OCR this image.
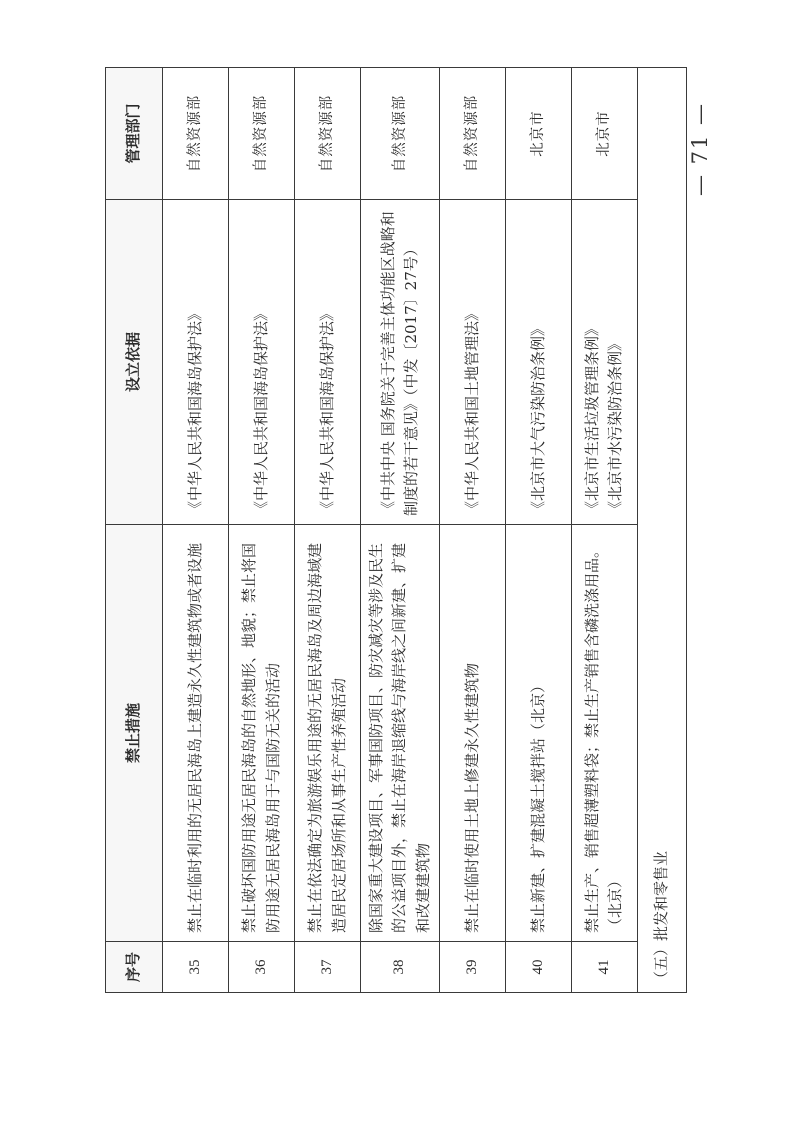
— 71 —
序号	禁止措施	设立依据	管理部门
35	禁止在临时利用的无居民海岛上建造永久性建筑物或者设施	《中华人民共和国海岛保护法》	自然资源部
36	禁止破坏国防用途无居民海岛的自然地形、地貌；禁止将国防用途无居民海岛用于与国防无关的活动	《中华人民共和国海岛保护法》	自然资源部
37	禁止在依法确定为旅游娱乐用途的无居民海岛及周边海域建造居民定居场所和从事生产性养殖活动	《中华人民共和国海岛保护法》	自然资源部
38	除国家重大建设项目、军事国防项目、防灾减灾等涉及民生的公益项目外，禁止在海岸退缩线与海岸线之间新建、扩建和改建建筑物	《中共中央 国务院关于完善主体功能区战略和制度的若干意见》（中发〔2017〕27号）	自然资源部
39	禁止在临时使用土地上修建永久性建筑物	《中华人民共和国土地管理法》	自然资源部
40	禁止新建、扩建混凝土搅拌站（北京）	《北京市大气污染防治条例》	北京市
41	禁止生产、销售超薄塑料袋；禁止生产销售含磷洗涤用品。（北京）	《北京市生活垃圾管理条例》 《北京市水污染防治条例》	北京市
（五）批发和零售业			
